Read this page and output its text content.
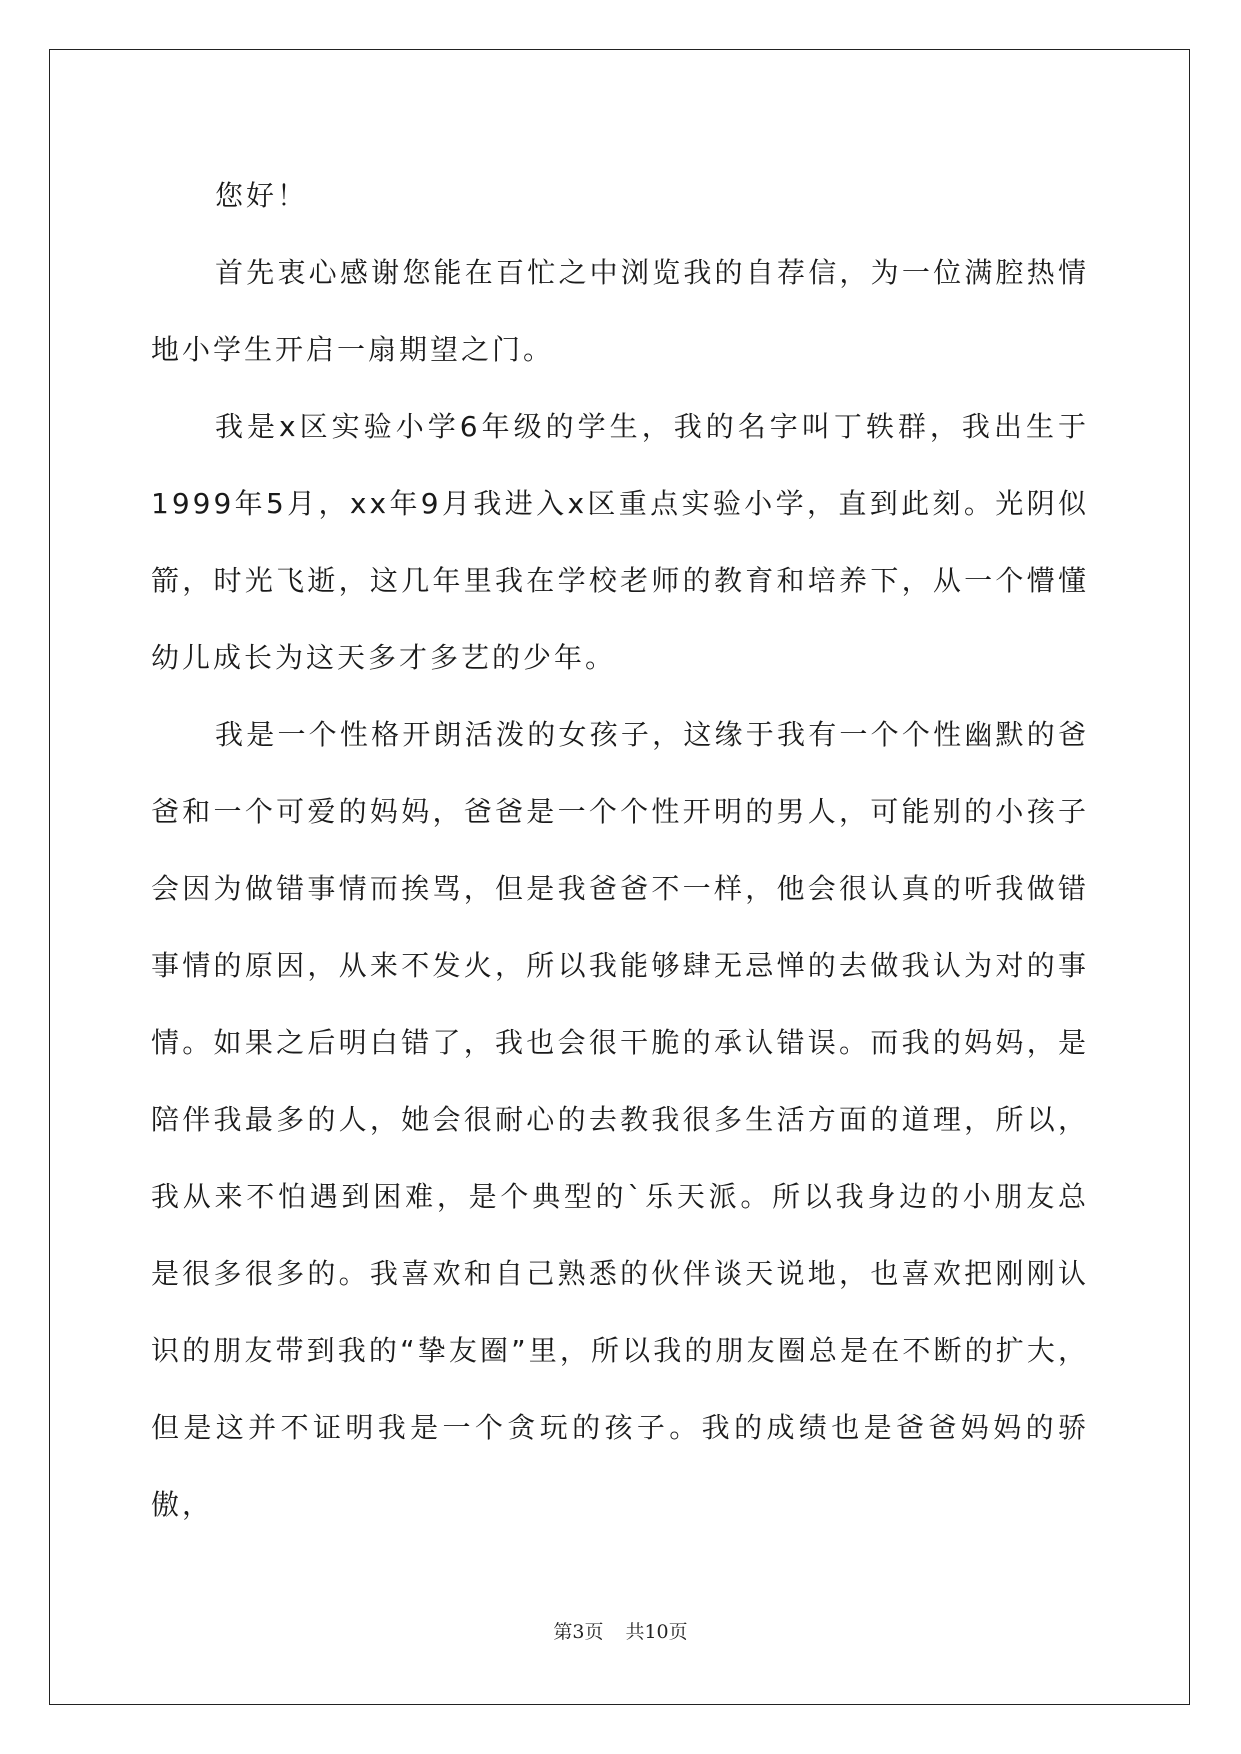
您好！

首先衷心感谢您能在百忙之中浏览我的自荐信，为一位满腔热情地小学生开启一扇期望之门。

我是x区实验小学6年级的学生，我的名字叫丁轶群，我出生于1999年5月，xx年9月我进入x区重点实验小学，直到此刻。光阴似箭，时光飞逝，这几年里我在学校老师的教育和培养下，从一个懵懂幼儿成长为这天多才多艺的少年。

我是一个性格开朗活泼的女孩子，这缘于我有一个个性幽默的爸爸和一个可爱的妈妈，爸爸是一个个性开明的男人，可能别的小孩子会因为做错事情而挨骂，但是我爸爸不一样，他会很认真的听我做错事情的原因，从来不发火，所以我能够肆无忌惮的去做我认为对的事情。如果之后明白错了，我也会很干脆的承认错误。而我的妈妈，是陪伴我最多的人，她会很耐心的去教我很多生活方面的道理，所以，我从来不怕遇到困难，是个典型的`乐天派。所以我身边的小朋友总是很多很多的。我喜欢和自己熟悉的伙伴谈天说地，也喜欢把刚刚认识的朋友带到我的“挚友圈”里，所以我的朋友圈总是在不断的扩大，但是这并不证明我是一个贪玩的孩子。我的成绩也是爸爸妈妈的骄傲，

第3页 共10页
